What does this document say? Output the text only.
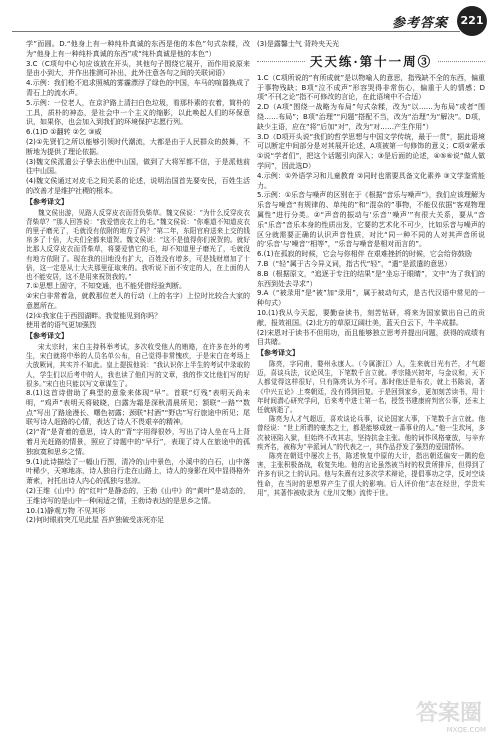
参考答案	221

学”而圆。D.“他身上有一种纯朴真诚的东西是他的本色”句式杂糅，改为“他身上有一种纯朴真诚的东西”或“纯朴真诚是他的本色”）

3.C（C项句中心句应该放在开头，其他句子围绕它展开，而作用说原来是由小到大，并作出推测可补出，此外注意各句之间的关联词语）

4.示例：我们枪不追求照城的雾霾漂浮了绿色的中国，车马的喧嚣换成了青石上的流水声。

5.示例：一位老人，在京沪路上清扫白色垃圾，看那朴素的衣着，简朴的工具，质朴的神态，是社会中一个主义的缩影，以此唤起人们的环保意识，如果你，也会加入到我们的环境保护志愿行列。

6.(1)D ①翻转 ②乞 ③威

(2)①先贤们之所以能够引领时代潮流，大都是由于人民群众的鼓舞，不断地为提供了理论依据。

(3)魏文侯派遣公子挚去出使中山国，做到了大将军都不信，于是派他前往中山国。

(4)魏文侯通过对皮毛之间关系的论述，说明治国首先要安民，百姓生活的改善才是维护社稷的根本。

【参考译文】

魏文侯出游，见路人反穿皮衣而背负柴草。魏文侯说：“为什么反穿皮衣背柴草？”那人回答说：“我爱惜皮衣上的毛。”魏文侯说：“你难道不知道皮衣的里子磨光了，毛就没有依附的地方了吗？”第二年，东阳官府送来上交的钱帛多了十倍，大夫们全都来道贺。魏文侯说：“这不是值得你们祝贺的。就好比那人反穿皮衣而背柴草，将要爱惜它的毛，却不知道里子磨光了，毛就没有地方依附了。现在我的田地没有扩大，百姓没有增多，可是钱财增加了十倍，这一定是从士大夫那里征取来的。我听说下面不安定的人，在上面的人也不能安居，这不是用来祝贺我的。”

7.①思想上固守，不知变通，也不能凭借经验判断。

②宋白非常着急，就教那位老人的行动（上的名字）上位时比较合大家的意愿所在。

(2)①我家住于西园湖畔。我觉能见到你吗？

使用者的语气更加强烈

【参考译文】

宋太宗时，宋白主持科举考试，多次收受他人的贿赂，在许多在外的考生，宋白就将中举的人员名单公布，自己觉得非常愧疚，于是宋白在考场上大放厥词，其实并不如此。皇上提拔他说：“我认识你上半生的考试中录取的人，学生们以后考中的人，我也读了他们写的文章，我的作文比他们写的好很多。”宋白也只能以写文章谋生了。

8.(1)这首诗借助了典型的意象来体现“早”。首联“灯残”表明天尚未明，“鸡声”表明天将破晓，白露为霜是深秋清晨所见；颔联“一路”“数点”写出了路途漫长、曙色初露；颈联“村酒”“野店”写行旅途中所见；尾联写诗人赶路的心情，表达了诗人不畏艰辛的精神。

(2)“背”是背着的意思，诗人的“背”字用得很妙，写出了诗人坐在马上背着月光赶路的情景，照应了诗题中的“早行”，表现了诗人在旅途中的孤独寂寞和思乡之情。

9.(1)此诗描绘了一幅山行图，清冷的山中景色，小溪中的白石，山中落叶稀少，天寒地冻，诗人独自行走在山路上，诗人的身影在风中显得格外萧索，衬托出诗人内心的孤独与悲凉。

(2)王维《山中》的“红叶”是静态的，王勃《山中》的“黄叶”是动态的，王维诗写的是山中一种闲适之情，王勃诗表达的是思乡之情。

10.(1)静观万物 不见其形

(2)何时眼前突兀见此屋 吾庐独破受冻死亦足

(3)是露馨士气 背羚夹天光

天天练·第十一周③

1.C（C项所说的“有所成就”是以物喻人的意思，指残缺不全的东西，偏重于事物残缺；B项“泣不成声”形容哭得非常伤心，偏重于人的情感；D项“不刊之论”指不可修改的言论，在此语境中不合适）

2.D（A项“围绕一战略为布局”句式杂糅，改为“以……为布局”或者“围绕……布局”；B项“治理”“问题”搭配不当，改为“治理”为“解决”。D项，缺少主语，应在“将”后加“对”，改为“对……产生作用”）

3.D（D项开头说“我们的哲学思想与中国文学传统，最于一贯”，据此语境可以断定中间部分是对其展开论述，A项被第一句修饰的意义；C项②紧承①说“学者们”，把这个话题引向深入；③是后面的论述，④⑤⑥说“做人做学问”，因此选D）

4.示例：①外语学习和儿童教育 ②同时也需要具备文化素养 ③文学鉴赏能力。

5.示例：①乐音与噪声的区别在于《根据“音乐与噪声”》，我们应该理解为乐音与噪音“有规律的、单纯的”和“混杂的”事物，不能仅依据“客观物理属性”进行分类。②“声音的振动与‘乐音’‘噪声’”有很大关系，要从“音乐“乐音”音乐本身的性质出发，它要的艺术化不可少，比如乐音与噪声的区分就需要正确的认识声音性质，对比“同一种不同的人对其声音所说的‘乐音’与‘噪音’‘相等”，“乐音与噪音是相对而言的”。

6.(1)在孤寂的时候，它会与你相伴 在艰难挫折的时候，它会给你鼓励

7.B（“轻”属于古今异义词，指古代“轻”，“遣”是派遣的意思）

8.B（根据原文，“追逐于专注的结果”是“坐忘于眼睛”，文中“为了我们的东西到处去寻求”）

9.A（“被录用”是“被”加“录用”，属于被动句式，是古代汉语中常见的一种句式）

10.(1)我从今天起，要勤奋读书，刻苦钻研，将来为国家做出自己的贡献，报效祖国。(2)北方的草原辽阔壮美，蓝天白云下，牛羊成群。

(2)宋恩对于读书不但用功，而且能够独立思考并提出问题，获得的成绩有目共睹。

【参考译文】

陈亮，字同甫，婺州永康人。（今属浙江）人，生来就目光有芒，才气超迈，喜谈兵法，议论风生，下笔数千言立就。孝宗隆兴初年，与金议和，天下人都觉得这样很好，只有陈亮认为不可。那时他还是布衣，就上书陈说，著《中兴五论》上奏朝廷，没有得到回复。于是回到家乡，更加刻苦读书，用十年时间潜心研究学问，后来考中进士第一名，授签书建康府判官公事，还未上任就病逝了。

陈亮为人才气超迈，喜欢谈论兵事，议论国家大事，下笔数千言立就。他曾经说：“世上所谓的豪杰之士，都是能够成就一番事业的人。”他一生坎坷，多次被诬陷入狱，但始终不改其志，坚持抗金主张。他的词作风格豪放，与辛弃疾齐名，被称为“辛派词人”的代表之一，其作品抒发了强烈的爱国情怀。

陈亮在朝廷中屡次上书，陈述恢复中原的大计，指出朝廷偏安一隅的危害，主张积极备战，收复失地。他的言论虽然被当时的权贵所排斥，但得到了许多有识之士的认同。他与朱熹有过多次学术辩论，提倡事功之学，反对空谈性命，在当时的思想界产生了很大的影响。后人评价他“志在经世，学贵实用”，其著作被收录为《龙川文集》流传于世。

答案圈
MXQE.COM
